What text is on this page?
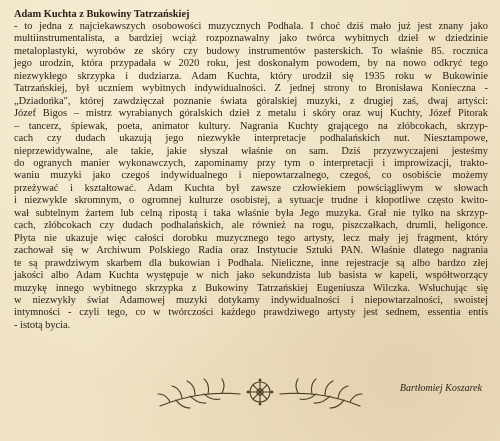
Adam Kuchta z Bukowiny Tatrzańskiej

- to jedna z najciekawszych osobowości muzycznych Podhala. I choć dziś mało już jest znany jako
multiinstrumentalista, a bardziej wciąż rozpoznawalny jako twórca wybitnych dzieł w dziedzinie
metaloplastyki, wyrobów ze skóry czy budowy instrumentów pasterskich. To właśnie 85. rocznica
jego urodzin, która przypadała w 2020 roku, jest doskonałym powodem, by na nowo odkryć tego
niezwykłego skrzypka i dudziarza. Adam Kuchta, który urodził się 1935 roku w Bukowinie
Tatrzańskiej, był uczniem wybitnych indywidualności. Z jednej strony to Bronisława Konieczna -
„Dziadońka", której zawdzięczał poznanie świata góralskiej muzyki, z drugiej zaś, dwaj artyści:
Józef Bigos – mistrz wyrabianych góralskich dzieł z metalu i skóry oraz wuj Kuchty, Józef Pitorak
– tancerz, śpiewak, poeta, animator kultury. Nagrania Kuchty grającego na złóbcokach, skrzyp-
cach czy dudach ukazują jego niezwykłe interpretacje podhalańskich nut. Niesztampowe,
nieprzewidywalne, ale takie, jakie słyszał właśnie on sam. Dziś przyzwyczajeni jesteśmy
do ogranych manier wykonawczych, zapominamy przy tym o interpretacji i improwizacji, trakto-
waniu muzyki jako czegoś indywidualnego i niepowtarzalnego, czegoś, co osobiście możemy
przeżywać i kształtować. Adam Kuchta był zawsze człowiekiem powściągliwym w słowach
i niezwykle skromnym, o ogromnej kulturze osobistej, a sytuacje trudne i kłopotliwe często kwito-
wał subtelnym żartem lub celną ripostą i taka właśnie była Jego muzyka. Grał nie tylko na skrzyp-
cach, złóbcokach czy dudach podhalańskich, ale również na rogu, piszczałkach, drumli, heligonce.
Płyta nie ukazuje więc całości dorobku muzycznego tego artysty, lecz mały jej fragment, który
zachował się w Archiwum Polskiego Radia oraz Instytucie Sztuki PAN. Właśnie dlatego nagrania
te są prawdziwym skarbem dla bukowian i Podhala. Nieliczne, inne rejestracje są albo bardzo złej
jakości albo Adam Kuchta występuje w nich jako sekundzista lub basista w kapeli, współtworzący
muzykę innego wybitnego skrzypka z Bukowiny Tatrzańskiej Eugeniusza Wilczka. Wsłuchując się
w niezwykły świat Adamowej muzyki dotykamy indywidualności i niepowtarzalności, swoistej
intymności - czyli tego, co w twórczości każdego prawdziwego artysty jest sednem, essentia entis
- istotą bycia.
Bartłomiej Koszarek
